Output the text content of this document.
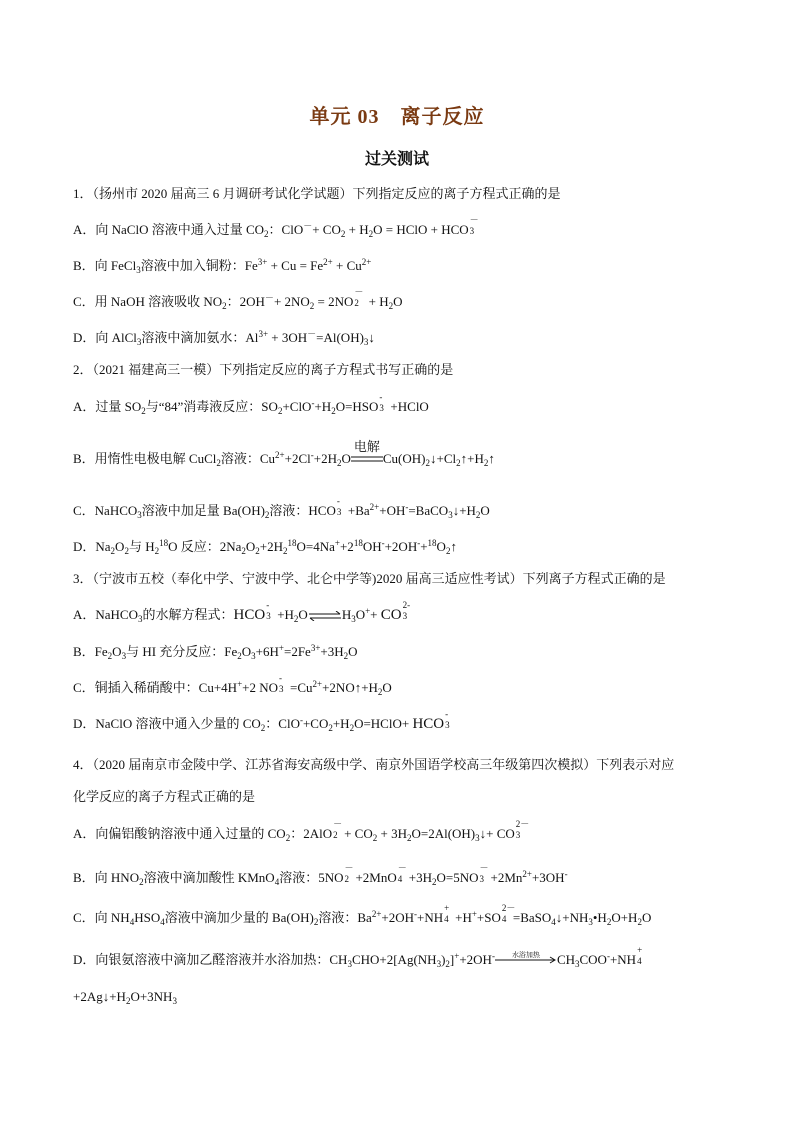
单元 03　离子反应
过关测试
1．（扬州市 2020 届高三 6 月调研考试化学试题）下列指定反应的离子方程式正确的是
A．向 NaClO 溶液中通入过量 $CO_2$：$ClO^-+ CO_2 + H_2O$ = HClO + HCO
－
3
B．向 FeCl$_3$溶液中加入铜粉：$Fe^{3+} + Cu = Fe^{2+} + Cu^{2+}$
C．用 NaOH 溶液吸收 $NO_2$：$2OH^-+ 2NO_2 = 2NO$
－
$2 + H_2O$
D．向 AlCl$_3$溶液中滴加氨水：$Al^{3+}$ + $3OH^-=Al(OH)_3↓$
2．（2021 福建高三一模）下列指定反应的离子方程式书写正确的是
A．过量 $SO_2$与“84”消毒液反应：$SO_2+ClO^-+H_2O=HSO$
-
3 +HClO
B．用惰性电极电解 CuCl$_2$溶液：$Cu^{2+}+2Cl^-+2H_2O$
电解
$Cu(OH)_2↓+Cl_2↑+H_2↑$
C．NaHCO$_3$溶液中加足量 $Ba(OH)_2$溶液：HCO
-
$3 +Ba^{2+}+OH^-=BaCO_3↓+H_2O$
D．$Na_2O_2$与 $H_2^{18}O$ 反应：$2Na_2O_2+2H_2^{18}O=4Na^++2^{18}OH^-+2OH^-+^{18}O_2↑$
3．（宁波市五校（奉化中学、宁波中学、北仑中学等)2020 届高三适应性考试）下列离子方程式正确的是
A．NaHCO$_3$的水解方程式：HCO
-
$3 +H_2O\rightleftharpoons H_3O^++$ CO
2-
3
B．$Fe_2O_3$与 HI 充分反应：$Fe_2O_3+6H^+=2Fe^{3+}+3H_2O$
C．铜插入稀硝酸中：Cu+4H++2 NO
-
$3 =Cu^{2+}+2NO↑+H_2O$
D．NaClO 溶液中通入少量的 $CO_2$：$ClO^-+CO_2+H_2O=HClO+$ HCO
-
3
4．（2020 届南京市金陵中学、江苏省海安高级中学、南京外国语学校高三年级第四次模拟）下列表示对应
化学反应的离子方程式正确的是
A．向偏铝酸钠溶液中通入过量的 $CO_2$：2AlO
－
$2 + CO_2$ + $3H_2O=2Al(OH)_3↓+$ CO
2－
3
B．向 $HNO_2$溶液中滴加酸性 KMnO$_4$溶液：5NO
－
2 +2MnO
－
$4 +3H_2O=5NO$
－
$3 +2Mn^{2+}+3OH^-$
C．向 $NH_4HSO_4$溶液中滴加少量的 $Ba(OH)_2$溶液：$Ba^{2+}+2OH^-+NH$
+
4 +H++SO
2－
$4 =BaSO_4↓+NH_3•H_2O+H_2O$
D．向银氨溶液中滴加乙醛溶液并水浴加热：$CH_3CHO+2[Ag(NH_3)_2]^++2OH^-$	水浴加热	$CH_3COO^-+NH$
+
4
$+2Ag↓+H_2O+3NH_3$
